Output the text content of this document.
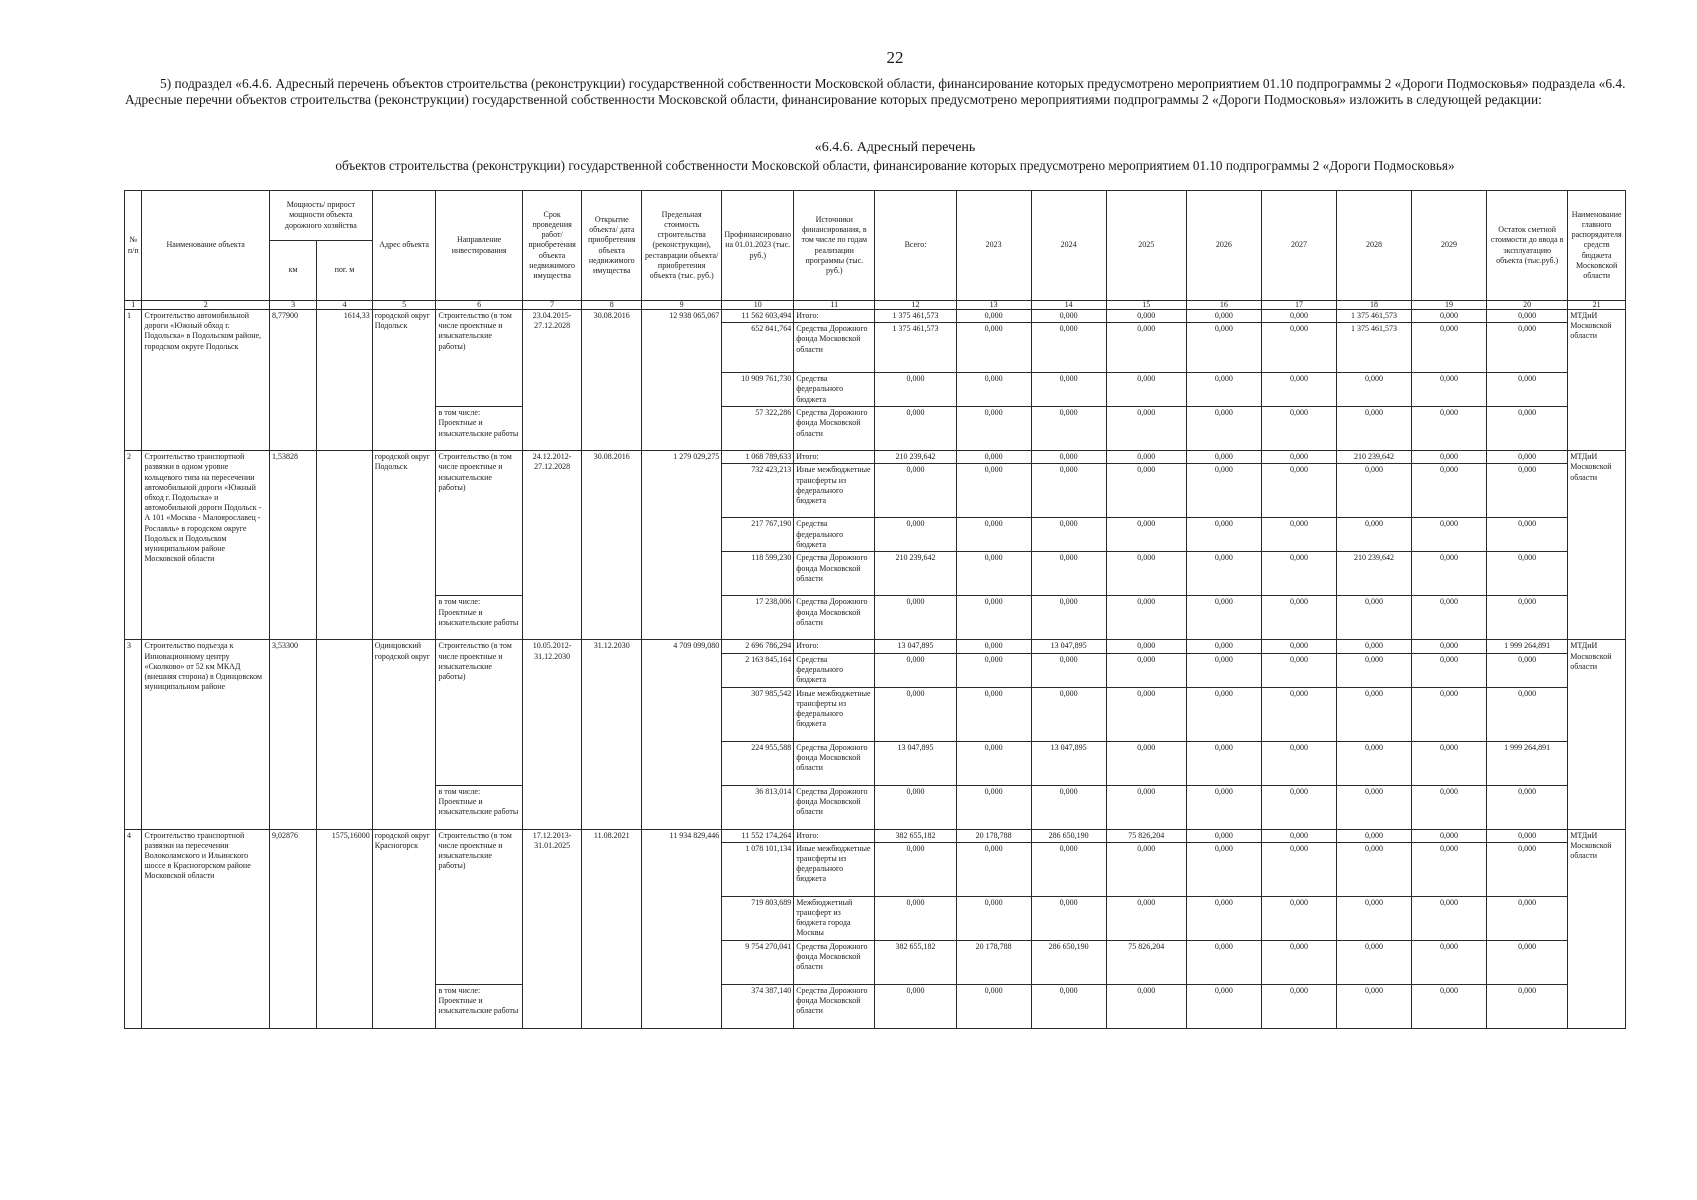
22
5) подраздел «6.4.6. Адресный перечень объектов строительства (реконструкции) государственной собственности Московской области, финансирование которых предусмотрено мероприятием 01.10 подпрограммы 2 «Дороги Подмосковья» подраздела «6.4. Адресные перечни объектов строительства (реконструкции) государственной собственности Московской области, финансирование которых предусмотрено мероприятиями подпрограммы 2 «Дороги Подмосковья» изложить в следующей редакции:
«6.4.6. Адресный перечень
объектов строительства (реконструкции) государственной собственности Московской области, финансирование которых предусмотрено мероприятием 01.10 подпрограммы 2 «Дороги Подмосковья»
№ п/п	Наименование объекта	Мощность/ прирост мощности объекта дорожного хозяйства		Адрес объекта	Направление инвестирования	Срок проведения работ/ приобретения объекта недвижимого имущества	Открытие объекта/ дата приобретения объекта недвижимого имущества	Предельная стоимость строительства (реконструкции), реставрации объекта/ приобретения объекта (тыс. руб.)	Профинансировано на 01.01.2023 (тыс. руб.)	Источники финансирования, в том числе по годам реализации программы (тыс. руб.)	Всего:	2023	2024	2025	2026	2027	2028	2029	Остаток сметной стоимости до ввода в эксплуатацию объекта (тыс.руб.)	Наименование главного распорядителя средств бюджета Московской области
		км	пог. м																	
1	2	3	4	5	6	7	8	9	10	11	12	13	14	15	16	17	18	19	20	21
1	Строительство автомобильной дороги «Южный обход г. Подольска» в Подольском районе, городском округе Подольск	8,77900	1614,33	городской округ Подольск	Строительство (в том числе проектные и изыскательские работы)	23.04.2015-27.12.2028	30.08.2016	12 938 065,067	11 562 603,494	Итого:	1 375 461,573	0,000	0,000	0,000	0,000	0,000	1 375 461,573	0,000	0,000	МТДиИ Московской области
									652 841,764	Средства Дорожного фонда Московской области	1 375 461,573	0,000	0,000	0,000	0,000	0,000	1 375 461,573	0,000	0,000	
									10 909 761,730	Средства федерального бюджета	0,000	0,000	0,000	0,000	0,000	0,000	0,000	0,000	0,000	
					в том числе: Проектные и изыскательские работы				57 322,286	Средства Дорожного фонда Московской области	0,000	0,000	0,000	0,000	0,000	0,000	0,000	0,000	0,000	
2	Строительство транспортной развязки в одном уровне кольцевого типа на пересечении автомобильной дороги «Южный обход г. Подольска» и автомобильной дороги Подольск - А 101 «Москва - Малоярославец - Рославль» в городском округе Подольск и Подольском муниципальном районе Московской области	1,53828		городской округ Подольск	Строительство (в том числе проектные и изыскательские работы)	24.12.2012-27.12.2028	30.08.2016	1 279 029,275	1 068 789,633	Итого:	210 239,642	0,000	0,000	0,000	0,000	0,000	210 239,642	0,000	0,000	МТДиИ Московской области
									732 423,213	Иные межбюджетные трансферты из федерального бюджета	0,000	0,000	0,000	0,000	0,000	0,000	0,000	0,000	0,000	
									217 767,190	Средства федерального бюджета	0,000	0,000	0,000	0,000	0,000	0,000	0,000	0,000	0,000	
									118 599,230	Средства Дорожного фонда Московской области	210 239,642	0,000	0,000	0,000	0,000	0,000	210 239,642	0,000	0,000	
					в том числе: Проектные и изыскательские работы				17 238,006	Средства Дорожного фонда Московской области	0,000	0,000	0,000	0,000	0,000	0,000	0,000	0,000	0,000	
3	Строительство подъезда к Инновационному центру «Сколково» от 52 км МКАД (внешняя сторона) в Одинцовском муниципальном районе	3,53300		Одинцовский городской округ	Строительство (в том числе проектные и изыскательские работы)	10.05.2012-31.12.2030	31.12.2030	4 709 099,080	2 696 786,294	Итого:	13 047,895	0,000	13 047,895	0,000	0,000	0,000	0,000	0,000	1 999 264,891	МТДиИ Московской области
									2 163 845,164	Средства федерального бюджета	0,000	0,000	0,000	0,000	0,000	0,000	0,000	0,000	0,000	
									307 985,542	Иные межбюджетные трансферты из федерального бюджета	0,000	0,000	0,000	0,000	0,000	0,000	0,000	0,000	0,000	
									224 955,588	Средства Дорожного фонда Московской области	13 047,895	0,000	13 047,895	0,000	0,000	0,000	0,000	0,000	1 999 264,891	
					в том числе: Проектные и изыскательские работы				36 813,014	Средства Дорожного фонда Московской области	0,000	0,000	0,000	0,000	0,000	0,000	0,000	0,000	0,000	
4	Строительство транспортной развязки на пересечении Волоколамского и Ильинского шоссе в Красногорском районе Московской области	9,02876	1575,16000	городской округ Красногорск	Строительство (в том числе проектные и изыскательские работы)	17.12.2013-31.01.2025	11.08.2021	11 934 829,446	11 552 174,264	Итого:	382 655,182	20 178,788	286 650,190	75 826,204	0,000	0,000	0,000	0,000	0,000	МТДиИ Московской области
									1 078 101,134	Иные межбюджетные трансферты из федерального бюджета	0,000	0,000	0,000	0,000	0,000	0,000	0,000	0,000	0,000	
									719 803,689	Межбюджетный трансферт из бюджета города Москвы	0,000	0,000	0,000	0,000	0,000	0,000	0,000	0,000	0,000	
									9 754 270,041	Средства Дорожного фонда Московской области	382 655,182	20 178,788	286 650,190	75 826,204	0,000	0,000	0,000	0,000	0,000	
					в том числе: Проектные и изыскательские работы				374 387,140	Средства Дорожного фонда Московской области	0,000	0,000	0,000	0,000	0,000	0,000	0,000	0,000	0,000	
